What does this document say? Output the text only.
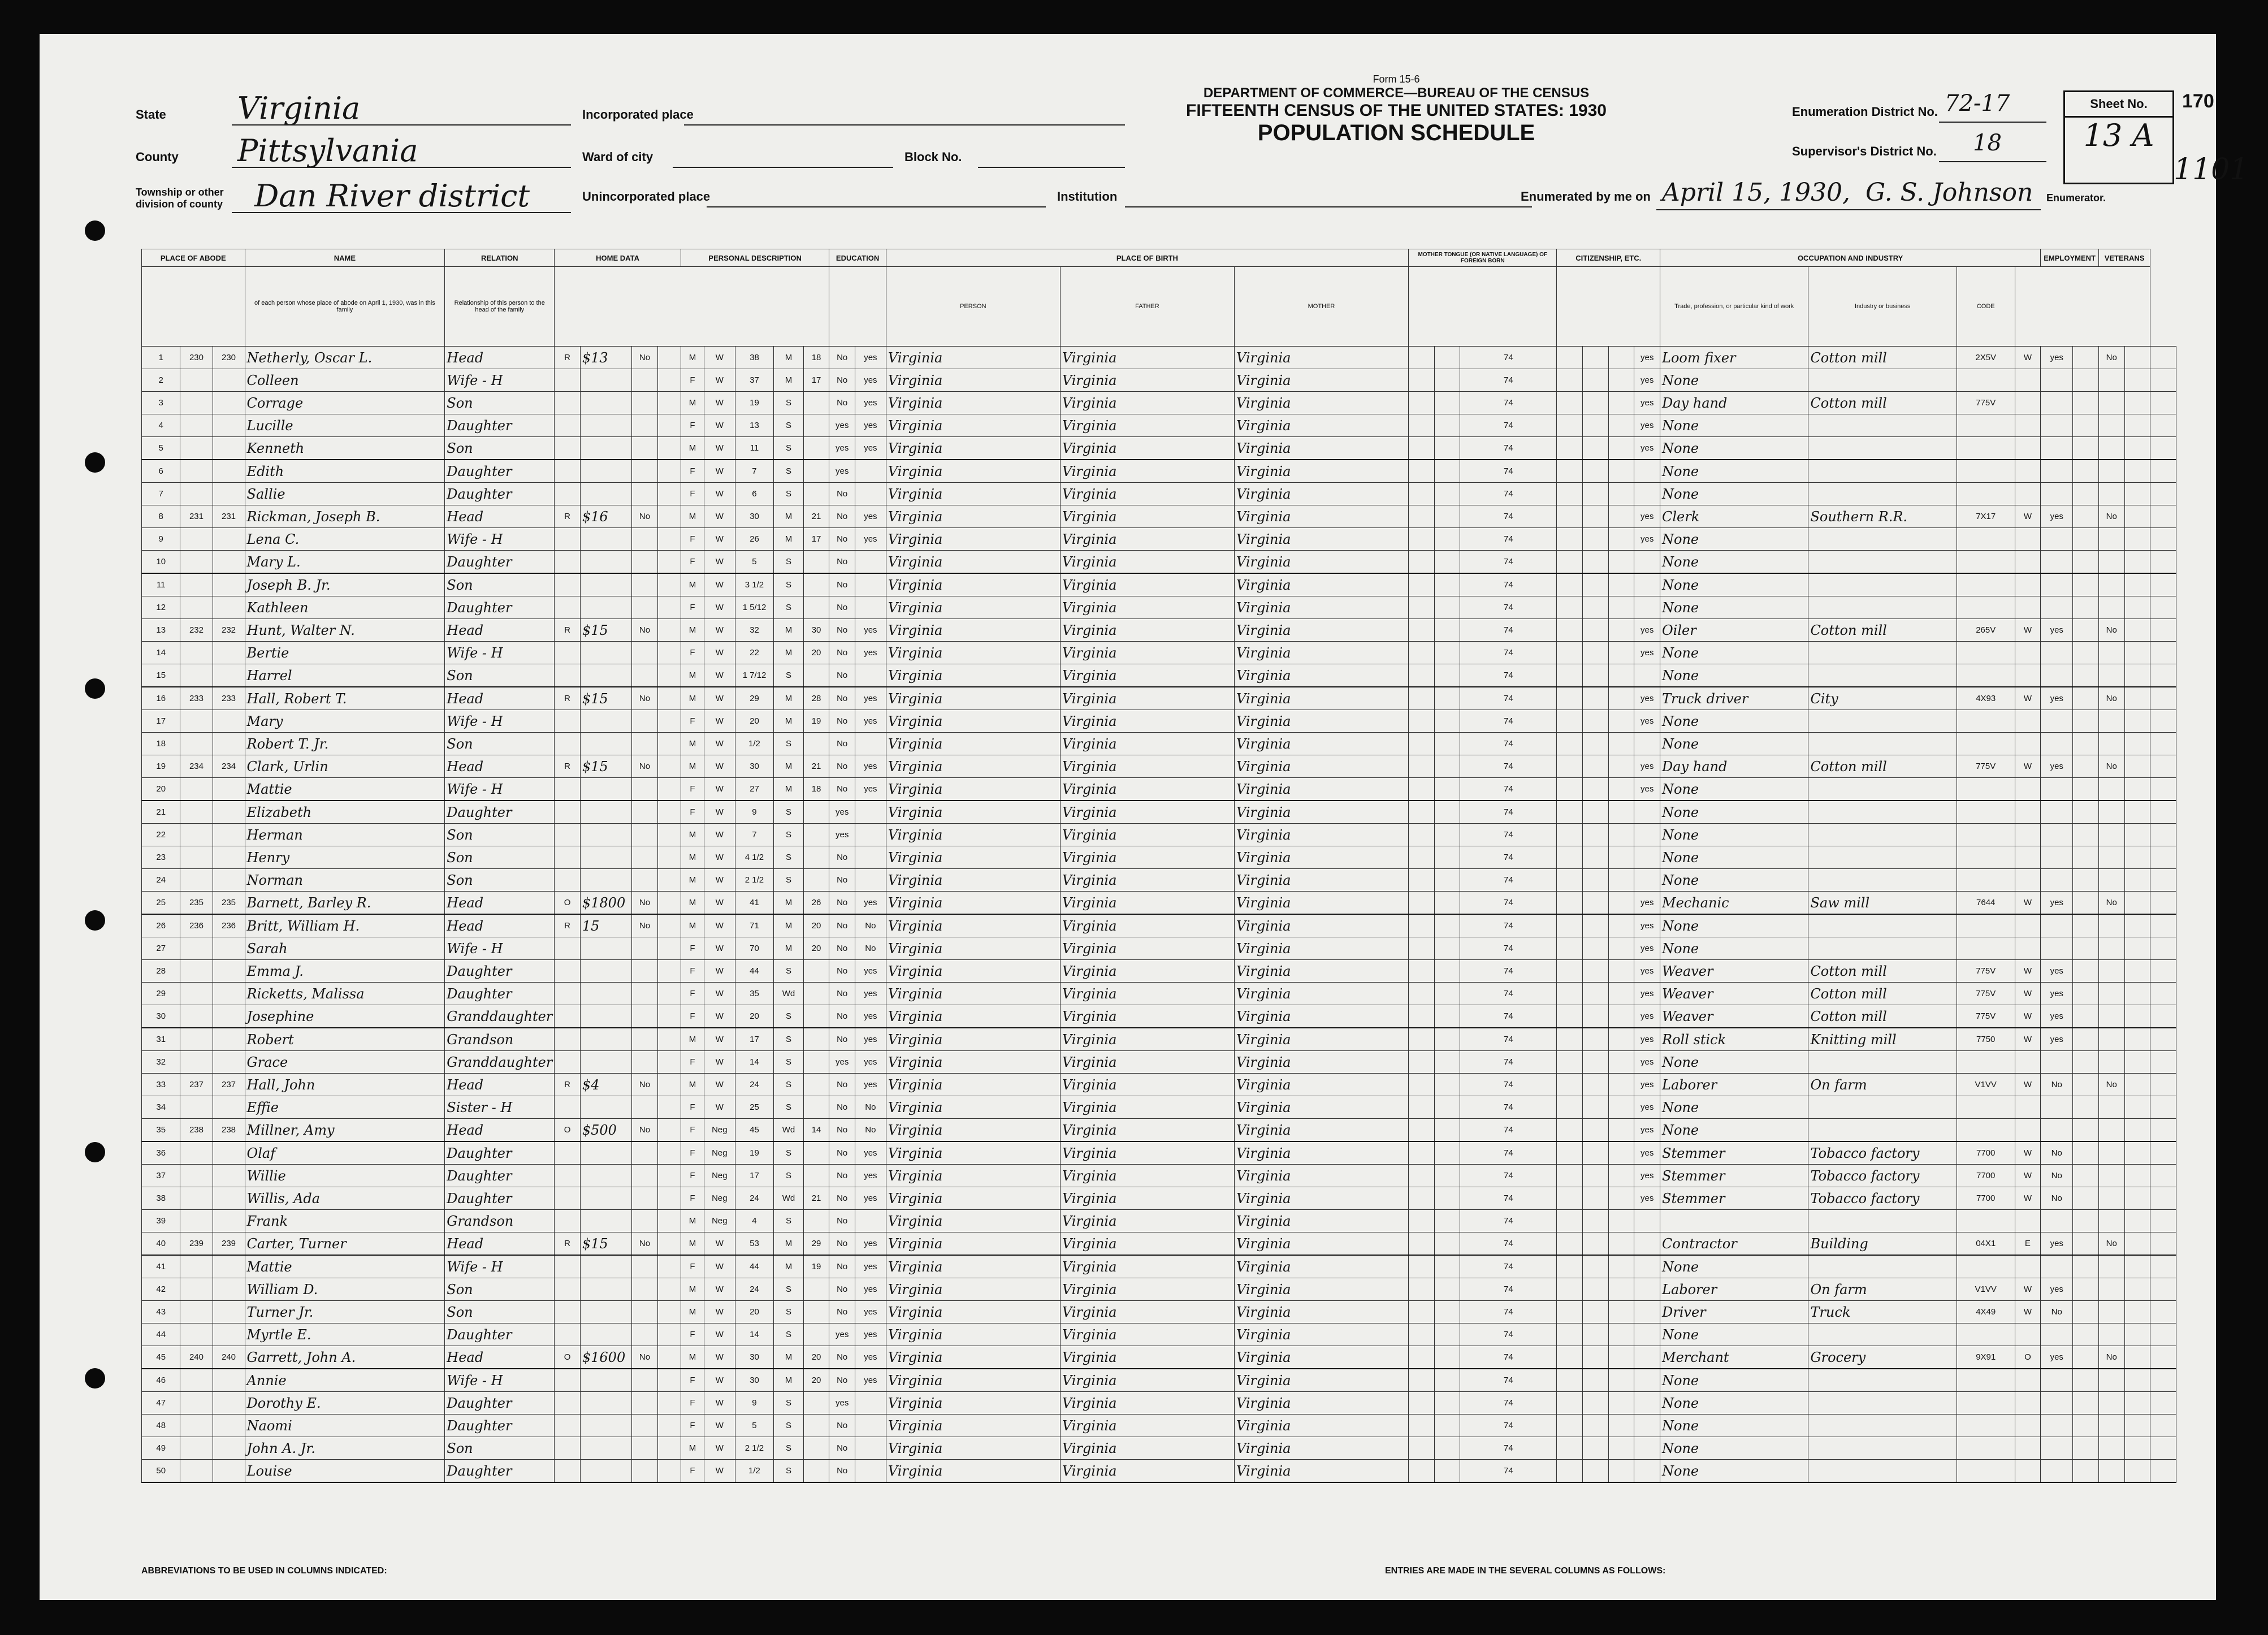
Form 15-6
DEPARTMENT OF COMMERCE—BUREAU OF THE CENSUS
FIFTEENTH CENSUS OF THE UNITED STATES: 1930
POPULATION SCHEDULE
State Virginia
County Pittsylvania
Township or other division of county Dan River district
Incorporated place
Ward of city	Block No.
Unincorporated place	Institution
Enumeration District No. 72-17
Supervisor's District No. 18
Sheet No.
13 A
170
1101
Enumerated by me on April 15, 1930, G. S. Johnson Enumerator.
PLACE OF ABODE			NAME	RELATION	HOME DATA				PERSONAL DESCRIPTION					EDUCATION		PLACE OF BIRTH			MOTHER TONGUE (OR NATIVE LANGUAGE) OF FOREIGN BORN			CITIZENSHIP, ETC.				OCCUPATION AND INDUSTRY				EMPLOYMENT		VETERANS		
			of each person whose place of abode on April 1, 1930, was in this family	Relationship of this person to the head of the family												PERSON	FATHER	MOTHER								Trade, profession, or particular kind of work	Industry or business	CODE						
1	230	230	Netherly, Oscar L.	Head	R	$13	No		M	W	38	M	18	No	yes	Virginia	Virginia	Virginia			74				yes	Loom fixer	Cotton mill	2X5V	W	yes		No		
2			Colleen	Wife - H					F	W	37	M	17	No	yes	Virginia	Virginia	Virginia			74				yes	None								
3			Corrage	Son					M	W	19	S		No	yes	Virginia	Virginia	Virginia			74				yes	Day hand	Cotton mill	775V						
4			Lucille	Daughter					F	W	13	S		yes	yes	Virginia	Virginia	Virginia			74				yes	None								
5			Kenneth	Son					M	W	11	S		yes	yes	Virginia	Virginia	Virginia			74				yes	None								
6			Edith	Daughter					F	W	7	S		yes		Virginia	Virginia	Virginia			74					None								
7			Sallie	Daughter					F	W	6	S		No		Virginia	Virginia	Virginia			74					None								
8	231	231	Rickman, Joseph B.	Head	R	$16	No		M	W	30	M	21	No	yes	Virginia	Virginia	Virginia			74				yes	Clerk	Southern R.R.	7X17	W	yes		No		
9			Lena C.	Wife - H					F	W	26	M	17	No	yes	Virginia	Virginia	Virginia			74				yes	None								
10			Mary L.	Daughter					F	W	5	S		No		Virginia	Virginia	Virginia			74					None								
11			Joseph B. Jr.	Son					M	W	3 1/2	S		No		Virginia	Virginia	Virginia			74					None								
12			Kathleen	Daughter					F	W	1 5/12	S		No		Virginia	Virginia	Virginia			74					None								
13	232	232	Hunt, Walter N.	Head	R	$15	No		M	W	32	M	30	No	yes	Virginia	Virginia	Virginia			74				yes	Oiler	Cotton mill	265V	W	yes		No		
14			Bertie	Wife - H					F	W	22	M	20	No	yes	Virginia	Virginia	Virginia			74				yes	None								
15			Harrel	Son					M	W	1 7/12	S		No		Virginia	Virginia	Virginia			74					None								
16	233	233	Hall, Robert T.	Head	R	$15	No		M	W	29	M	28	No	yes	Virginia	Virginia	Virginia			74				yes	Truck driver	City	4X93	W	yes		No		
17			Mary	Wife - H					F	W	20	M	19	No	yes	Virginia	Virginia	Virginia			74				yes	None								
18			Robert T. Jr.	Son					M	W	1/2	S		No		Virginia	Virginia	Virginia			74					None								
19	234	234	Clark, Urlin	Head	R	$15	No		M	W	30	M	21	No	yes	Virginia	Virginia	Virginia			74				yes	Day hand	Cotton mill	775V	W	yes		No		
20			Mattie	Wife - H					F	W	27	M	18	No	yes	Virginia	Virginia	Virginia			74				yes	None								
21			Elizabeth	Daughter					F	W	9	S		yes		Virginia	Virginia	Virginia			74					None								
22			Herman	Son					M	W	7	S		yes		Virginia	Virginia	Virginia			74					None								
23			Henry	Son					M	W	4 1/2	S		No		Virginia	Virginia	Virginia			74					None								
24			Norman	Son					M	W	2 1/2	S		No		Virginia	Virginia	Virginia			74					None								
25	235	235	Barnett, Barley R.	Head	O	$1800	No		M	W	41	M	26	No	yes	Virginia	Virginia	Virginia			74				yes	Mechanic	Saw mill	7644	W	yes		No		
26	236	236	Britt, William H.	Head	R	15	No		M	W	71	M	20	No	No	Virginia	Virginia	Virginia			74				yes	None								
27			Sarah	Wife - H					F	W	70	M	20	No	No	Virginia	Virginia	Virginia			74				yes	None								
28			Emma J.	Daughter					F	W	44	S		No	yes	Virginia	Virginia	Virginia			74				yes	Weaver	Cotton mill	775V	W	yes				
29			Ricketts, Malissa	Daughter					F	W	35	Wd		No	yes	Virginia	Virginia	Virginia			74				yes	Weaver	Cotton mill	775V	W	yes				
30			Josephine	Granddaughter					F	W	20	S		No	yes	Virginia	Virginia	Virginia			74				yes	Weaver	Cotton mill	775V	W	yes				
31			Robert	Grandson					M	W	17	S		No	yes	Virginia	Virginia	Virginia			74				yes	Roll stick	Knitting mill	7750	W	yes				
32			Grace	Granddaughter					F	W	14	S		yes	yes	Virginia	Virginia	Virginia			74				yes	None								
33	237	237	Hall, John	Head	R	$4	No		M	W	24	S		No	yes	Virginia	Virginia	Virginia			74				yes	Laborer	On farm	V1VV	W	No		No		
34			Effie	Sister - H					F	W	25	S		No	No	Virginia	Virginia	Virginia			74				yes	None								
35	238	238	Millner, Amy	Head	O	$500	No		F	Neg	45	Wd	14	No	No	Virginia	Virginia	Virginia			74				yes	None								
36			Olaf	Daughter					F	Neg	19	S		No	yes	Virginia	Virginia	Virginia			74				yes	Stemmer	Tobacco factory	7700	W	No				
37			Willie	Daughter					F	Neg	17	S		No	yes	Virginia	Virginia	Virginia			74				yes	Stemmer	Tobacco factory	7700	W	No				
38			Willis, Ada	Daughter					F	Neg	24	Wd	21	No	yes	Virginia	Virginia	Virginia			74				yes	Stemmer	Tobacco factory	7700	W	No				
39			Frank	Grandson					M	Neg	4	S		No		Virginia	Virginia	Virginia			74													
40	239	239	Carter, Turner	Head	R	$15	No		M	W	53	M	29	No	yes	Virginia	Virginia	Virginia			74					Contractor	Building	04X1	E	yes		No		
41			Mattie	Wife - H					F	W	44	M	19	No	yes	Virginia	Virginia	Virginia			74					None								
42			William D.	Son					M	W	24	S		No	yes	Virginia	Virginia	Virginia			74					Laborer	On farm	V1VV	W	yes				
43			Turner Jr.	Son					M	W	20	S		No	yes	Virginia	Virginia	Virginia			74					Driver	Truck	4X49	W	No				
44			Myrtle E.	Daughter					F	W	14	S		yes	yes	Virginia	Virginia	Virginia			74					None								
45	240	240	Garrett, John A.	Head	O	$1600	No		M	W	30	M	20	No	yes	Virginia	Virginia	Virginia			74					Merchant	Grocery	9X91	O	yes		No		
46			Annie	Wife - H					F	W	30	M	20	No	yes	Virginia	Virginia	Virginia			74					None								
47			Dorothy E.	Daughter					F	W	9	S		yes		Virginia	Virginia	Virginia			74					None								
48			Naomi	Daughter					F	W	5	S		No		Virginia	Virginia	Virginia			74					None								
49			John A. Jr.	Son					M	W	2 1/2	S		No		Virginia	Virginia	Virginia			74					None								
50			Louise	Daughter					F	W	1/2	S		No		Virginia	Virginia	Virginia			74					None								
ABBREVIATIONS TO BE USED IN COLUMNS INDICATED:	ENTRIES ARE MADE IN THE SEVERAL COLUMNS AS FOLLOWS:
